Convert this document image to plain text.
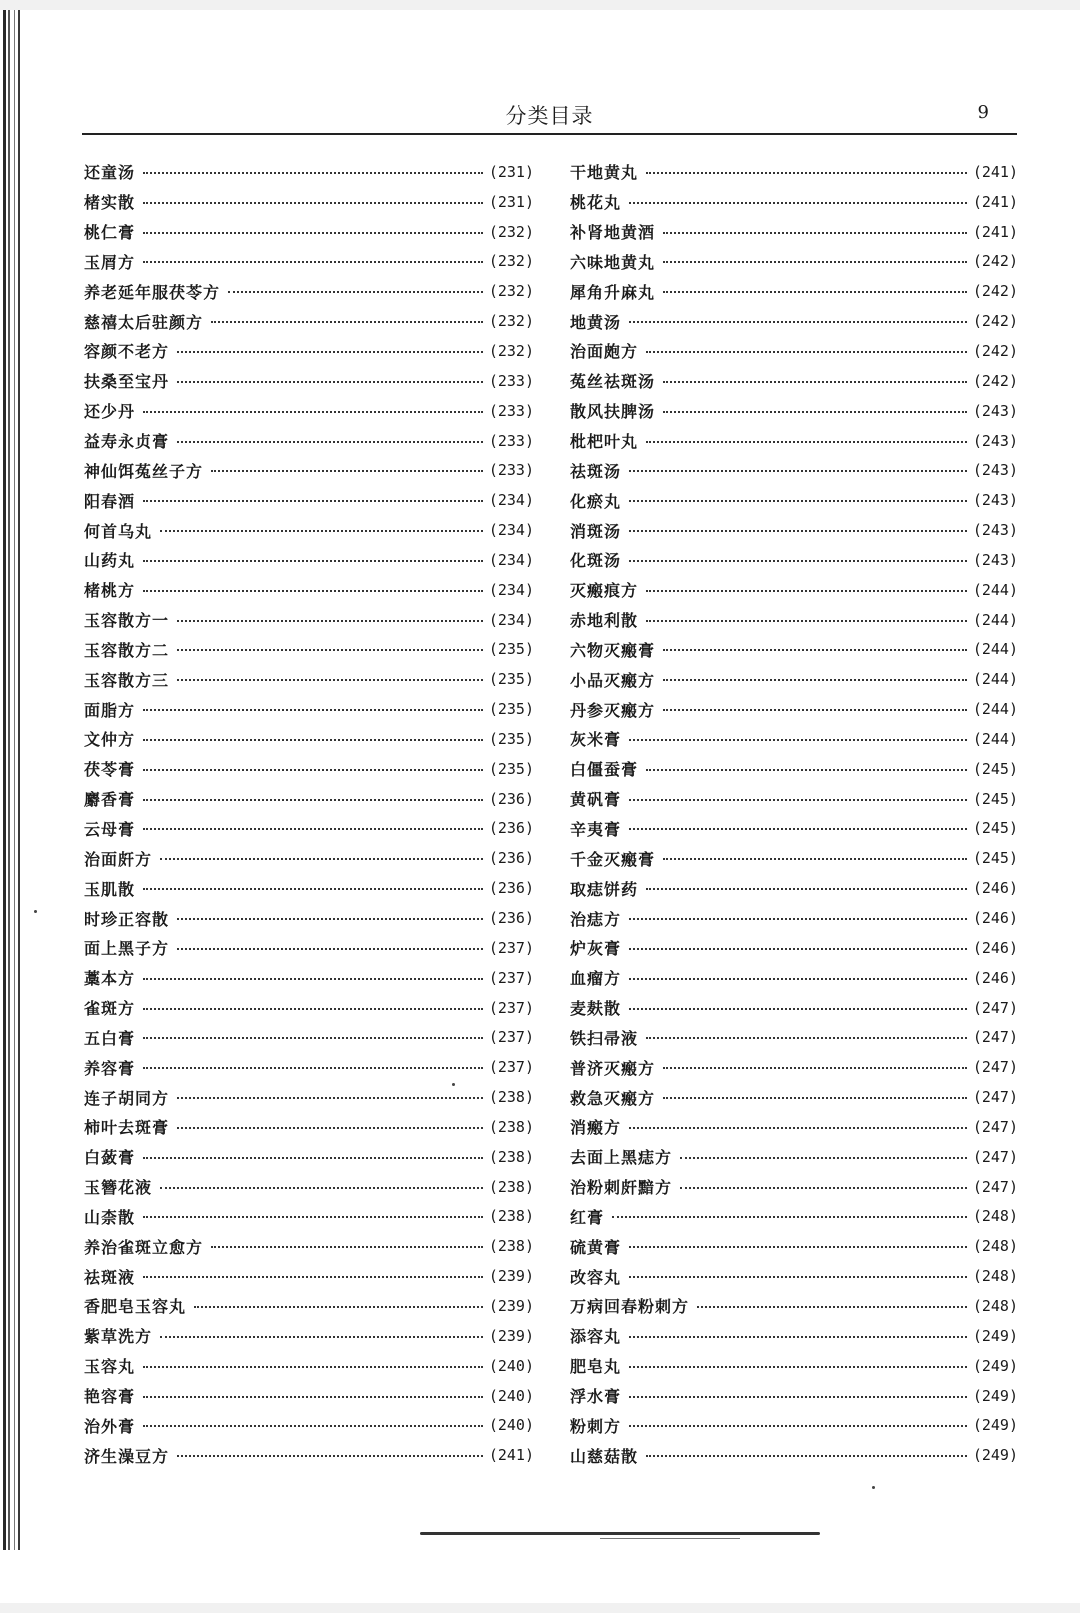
分类目录	9
还童汤	(231)
楮实散	(231)
桃仁膏	(232)
玉屑方	(232)
养老延年服茯苓方	(232)
慈禧太后驻颜方	(232)
容颜不老方	(232)
扶桑至宝丹	(233)
还少丹	(233)
益寿永贞膏	(233)
神仙饵菟丝子方	(233)
阳春酒	(234)
何首乌丸	(234)
山药丸	(234)
楮桃方	(234)
玉容散方一	(234)
玉容散方二	(235)
玉容散方三	(235)
面脂方	(235)
文仲方	(235)
茯苓膏	(235)
麝香膏	(236)
云母膏	(236)
治面皯方	(236)
玉肌散	(236)
时珍正容散	(236)
面上黑子方	(237)
藁本方	(237)
雀斑方	(237)
五白膏	(237)
养容膏	(237)
连子胡同方	(238)
柿叶去斑膏	(238)
白蔹膏	(238)
玉簪花液	(238)
山柰散	(238)
养治雀斑立愈方	(238)
祛斑液	(239)
香肥皂玉容丸	(239)
紫草洗方	(239)
玉容丸	(240)
艳容膏	(240)
治外膏	(240)
济生澡豆方	(241)
干地黄丸	(241)
桃花丸	(241)
补肾地黄酒	(241)
六味地黄丸	(242)
犀角升麻丸	(242)
地黄汤	(242)
治面皰方	(242)
菟丝祛斑汤	(242)
散风扶脾汤	(243)
枇杷叶丸	(243)
祛斑汤	(243)
化瘀丸	(243)
消斑汤	(243)
化斑汤	(243)
灭瘢痕方	(244)
赤地利散	(244)
六物灭瘢膏	(244)
小品灭瘢方	(244)
丹参灭瘢方	(244)
灰米膏	(244)
白僵蚕膏	(245)
黄矾膏	(245)
辛夷膏	(245)
千金灭瘢膏	(245)
取痣饼药	(246)
治痣方	(246)
炉灰膏	(246)
血瘤方	(246)
麦麸散	(247)
铁扫帚液	(247)
普济灭瘢方	(247)
救急灭瘢方	(247)
消瘢方	(247)
去面上黑痣方	(247)
治粉刺皯黯方	(247)
红膏	(248)
硫黄膏	(248)
改容丸	(248)
万病回春粉刺方	(248)
添容丸	(249)
肥皂丸	(249)
浮水膏	(249)
粉刺方	(249)
山慈菇散	(249)
